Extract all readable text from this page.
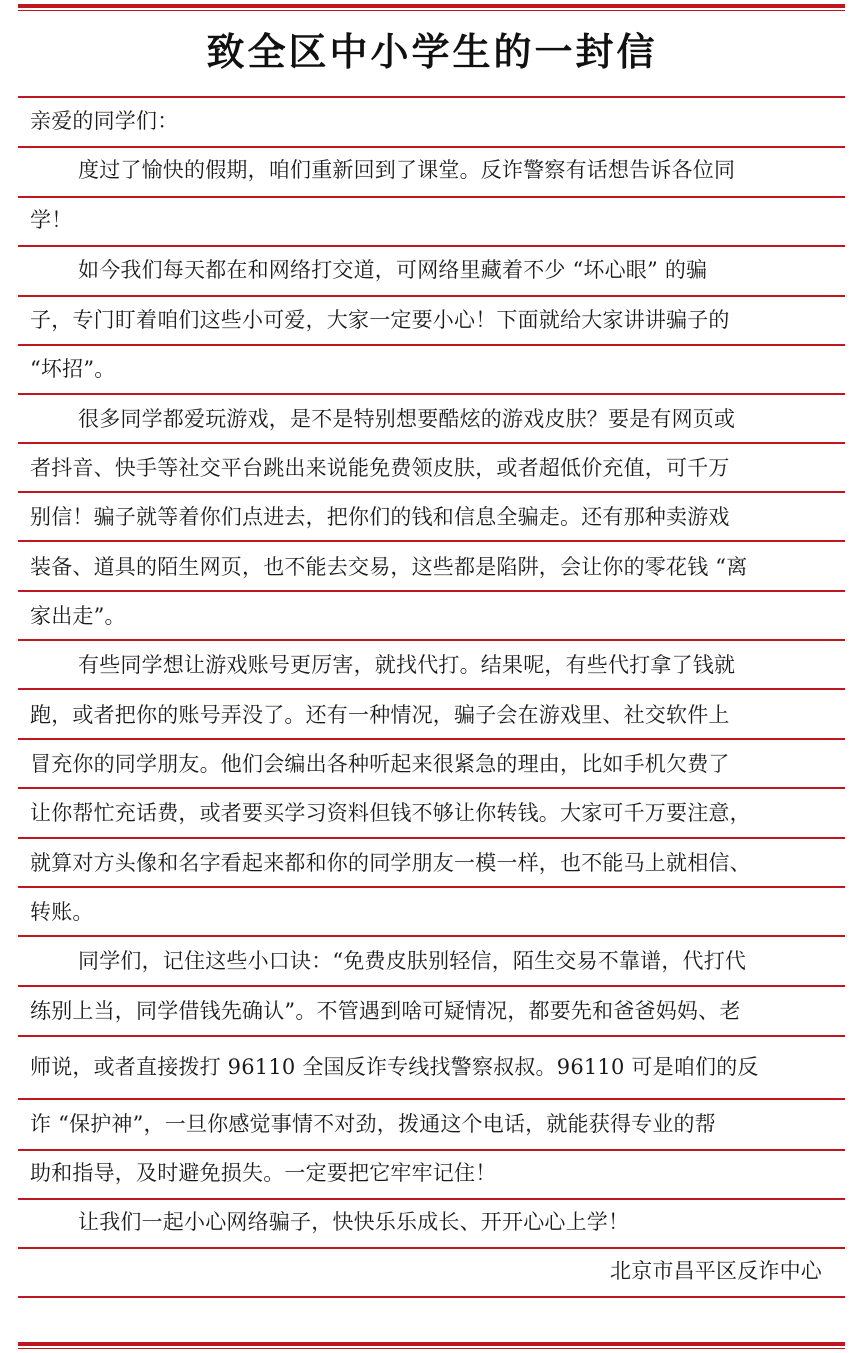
致全区中小学生的一封信
亲爱的同学们：
度过了愉快的假期，咱们重新回到了课堂。反诈警察有话想告诉各位同
学！
如今我们每天都在和网络打交道，可网络里藏着不少 “坏心眼” 的骗
子，专门盯着咱们这些小可爱，大家一定要小心！下面就给大家讲讲骗子的
“坏招”。
很多同学都爱玩游戏，是不是特别想要酷炫的游戏皮肤？要是有网页或
者抖音、快手等社交平台跳出来说能免费领皮肤，或者超低价充值，可千万
别信！骗子就等着你们点进去，把你们的钱和信息全骗走。还有那种卖游戏
装备、道具的陌生网页，也不能去交易，这些都是陷阱，会让你的零花钱 “离
家出走”。
有些同学想让游戏账号更厉害，就找代打。结果呢，有些代打拿了钱就
跑，或者把你的账号弄没了。还有一种情况，骗子会在游戏里、社交软件上
冒充你的同学朋友。他们会编出各种听起来很紧急的理由，比如手机欠费了
让你帮忙充话费，或者要买学习资料但钱不够让你转钱。大家可千万要注意，
就算对方头像和名字看起来都和你的同学朋友一模一样，也不能马上就相信、
转账。
同学们，记住这些小口诀：“免费皮肤别轻信，陌生交易不靠谱，代打代
练别上当，同学借钱先确认”。不管遇到啥可疑情况，都要先和爸爸妈妈、老
师说，或者直接拨打 96110 全国反诈专线找警察叔叔。96110 可是咱们的反
诈 “保护神”，一旦你感觉事情不对劲，拨通这个电话，就能获得专业的帮
助和指导，及时避免损失。一定要把它牢牢记住！
让我们一起小心网络骗子，快快乐乐成长、开开心心上学！
北京市昌平区反诈中心
